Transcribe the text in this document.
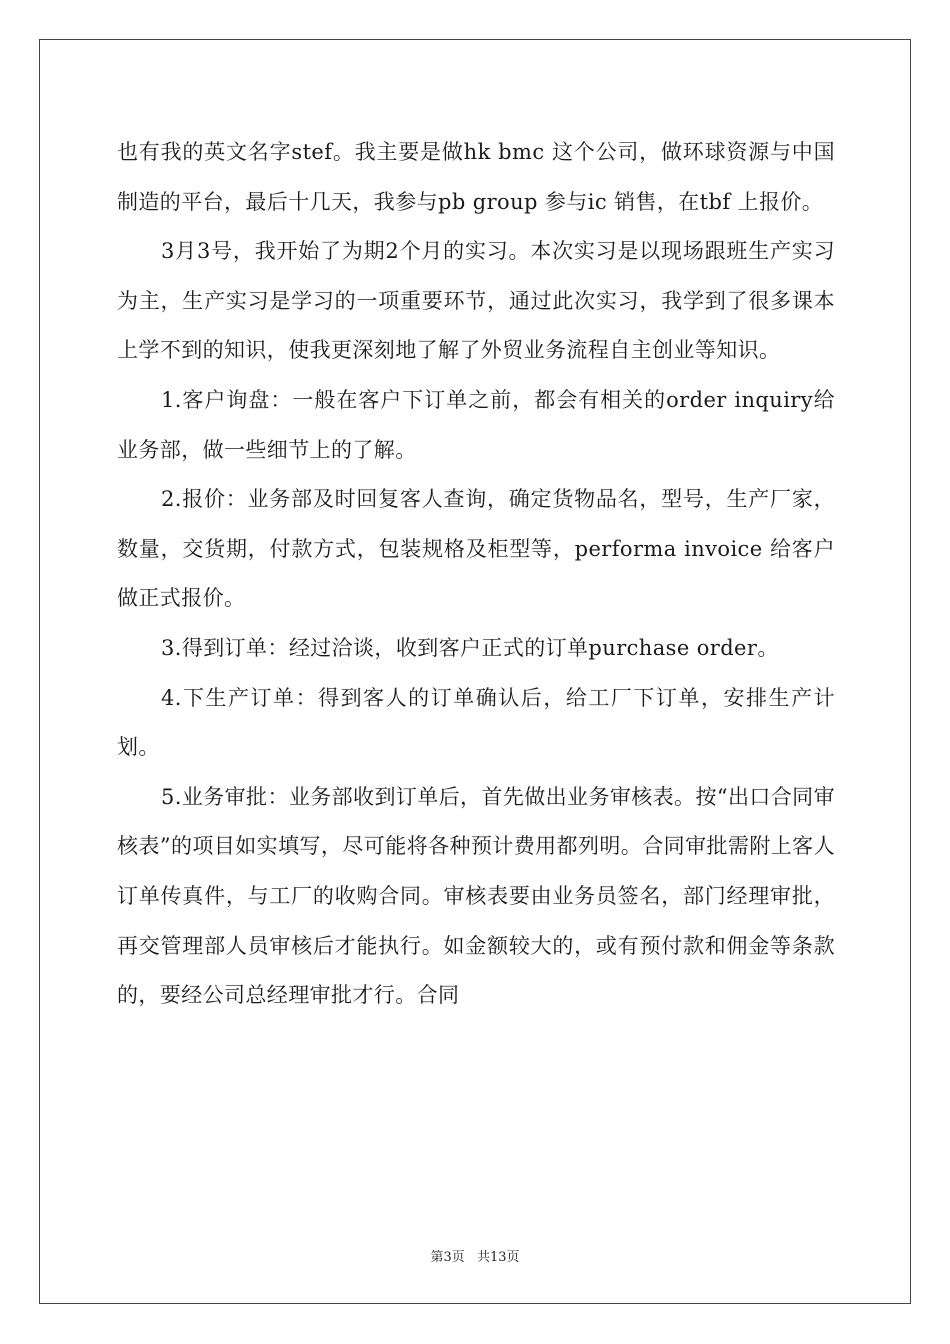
也有我的英文名字stef。我主要是做hk bmc 这个公司，做环球资源与中国制造的平台，最后十几天，我参与pb group 参与ic 销售，在tbf 上报价。

3月3号，我开始了为期2个月的实习。本次实习是以现场跟班生产实习为主，生产实习是学习的一项重要环节，通过此次实习，我学到了很多课本上学不到的知识，使我更深刻地了解了外贸业务流程自主创业等知识。

1.客户询盘：一般在客户下订单之前，都会有相关的order inquiry给业务部，做一些细节上的了解。

2.报价：业务部及时回复客人查询，确定货物品名，型号，生产厂家，数量，交货期，付款方式，包装规格及柜型等，performa invoice 给客户做正式报价。

3.得到订单：经过洽谈，收到客户正式的订单purchase order。

4.下生产订单：得到客人的订单确认后，给工厂下订单，安排生产计划。

5.业务审批：业务部收到订单后，首先做出业务审核表。按“出口合同审核表”的项目如实填写，尽可能将各种预计费用都列明。合同审批需附上客人订单传真件，与工厂的收购合同。审核表要由业务员签名，部门经理审批，再交管理部人员审核后才能执行。如金额较大的，或有预付款和佣金等条款的，要经公司总经理审批才行。合同

第3页 共13页
